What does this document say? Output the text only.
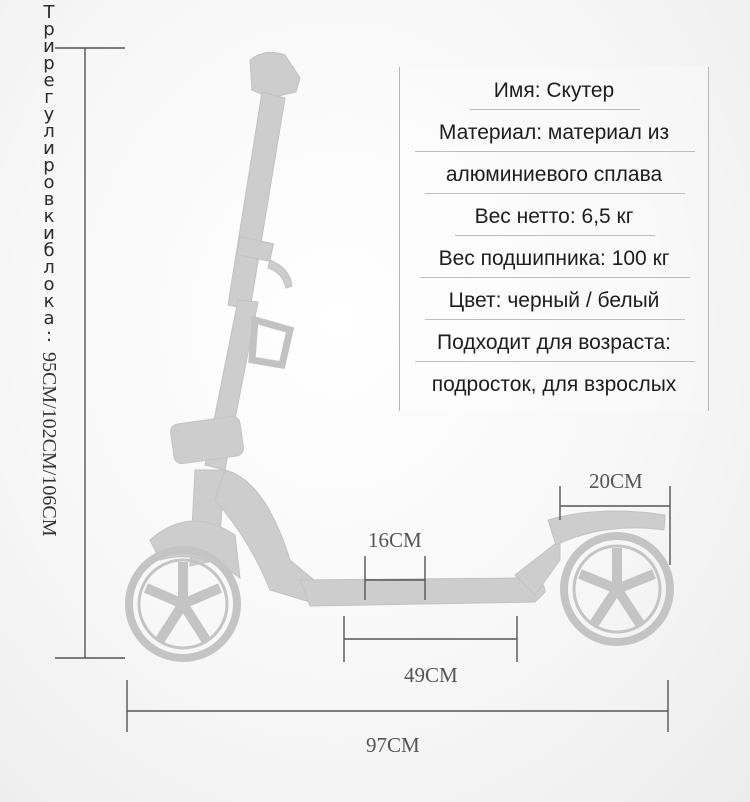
Т
р
и
р
е
г
у
л
и
р
о
в
к
и
б
л
о
к
а
:
95CM/102CM/106CM
Имя: Скутер
Материал: материал из
алюминиевого сплава
Вес нетто: 6,5 кг
Вес подшипника: 100 кг
Цвет: черный / белый
Подходит для возраста:
подросток, для взрослых
16CM
20CM
49CM
97CM
